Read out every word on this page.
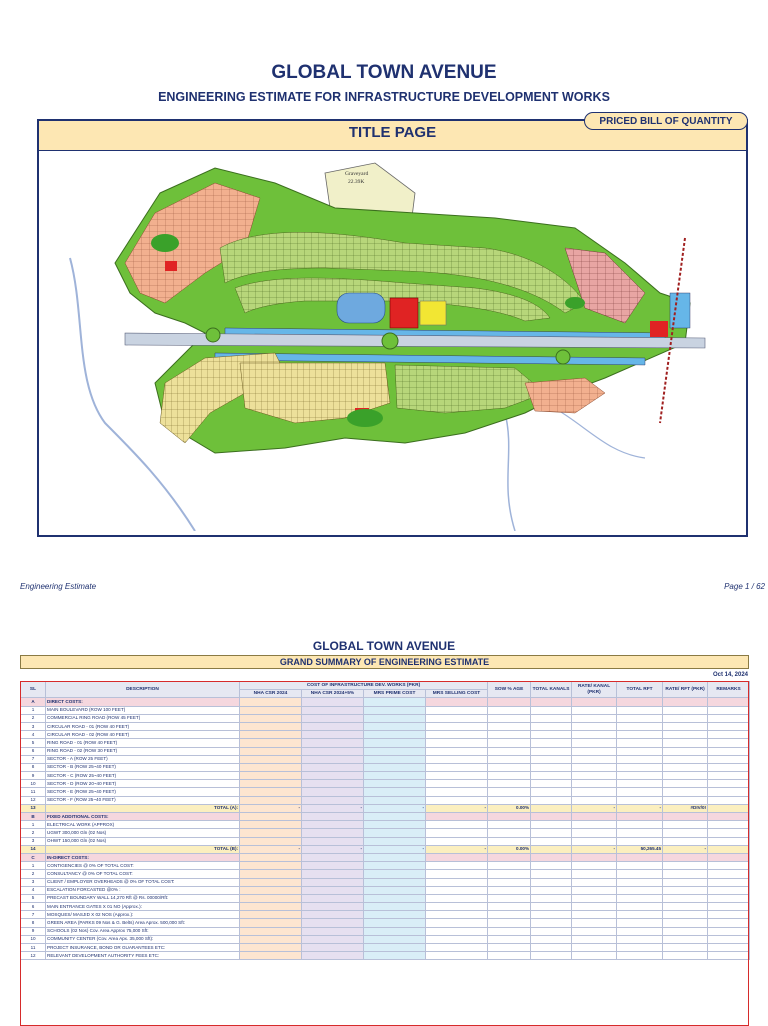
GLOBAL TOWN AVENUE
ENGINEERING ESTIMATE FOR INFRASTRUCTURE DEVELOPMENT WORKS
TITLE PAGE
PRICED BILL OF QUANTITY
Graveyard
22.39K
Engineering Estimate	Page 1 / 62
GLOBAL TOWN AVENUE
GRAND SUMMARY OF ENGINEERING ESTIMATE
Oct 14, 2024
SL	DESCRIPTION	COST OF INFRASTRUCTURE DEV. WORKS (PKR)				SOW % AGE	TOTAL KANALS	RATE/ KANAL (PKR)	TOTAL RFT	RATE/ RFT (PKR)	REMARKS
		NHA CSR 2024	NHA CSR 2024+5%	MRS PRIME COST	MRS SELLING COST						
A	DIRECT COSTS:										
1	MAIN BOULEVARD (ROW 100 FEET)										
2	COMMERCIAL RING ROAD (ROW 45 FEET)										
3	CIRCULAR ROAD - 01 (ROW 40 FEET)										
4	CIRCULAR ROAD - 02 (ROW 40 FEET)										
5	RING ROAD - 01 (ROW 40 FEET)										
6	RING ROAD - 02 (ROW 30 FEET)										
7	SECTOR - A (ROW 25 FEET)										
8	SECTOR - B (ROW 25~40 FEET)										
9	SECTOR - C (ROW 25~40 FEET)										
10	SECTOR - D (ROW 20~40 FEET)										
11	SECTOR - E (ROW 25~40 FEET)										
12	SECTOR - F (ROW 25~40 FEET)										
13	TOTAL (A):	-	-	-	-	0.00%		-	-	#DIV/0!	
B	FIXED ADDITIONAL COSTS:										
1	ELECTRICAL WORK (APPROX)										
2	UGWT 300,000 Gln (02 Nos)										
3	OHWT 150,000 Gln (02 Nos)										
14	TOTAL (B):	-	-	-	-	0.00%		-	50,265.45	-	
C	IN-DIRECT COSTS:										
1	CONTIGENCIES @ 0% OF TOTAL COST:										
2	CONSULTANCY @ 0% OF TOTAL COST:										
3	CLIENT / EMPLOYER OVERHEADS @ 0% OF TOTAL COST:										
4	ESCALATION FORCASTED @0% :										
5	PRECAST BOUNDARY WALL 14,270 Rft @ Rs. 00000/Rft:										
6	MAIN ENTRANCE GATES X 01 NO (Approx.):										
7	MOSQUES/ MASJID X 02 NOS (Approx.):										
8	GREEN AREA (PARKS 09 Nos & G. Belts) Area Aprox. 500,000 Sft:										
9	SCHOOLS (02 Nos) Cov. Area Approx 75,000 Sft:										
10	COMMUNITY CENTER (Cov. Area Apx. 35,000 Sft):										
11	PROJECT INSURANCE, BOND OR GUARANTEES ETC:										
12	RELEVANT DEVELOPMENT AUTHORITY FEES ETC:										
